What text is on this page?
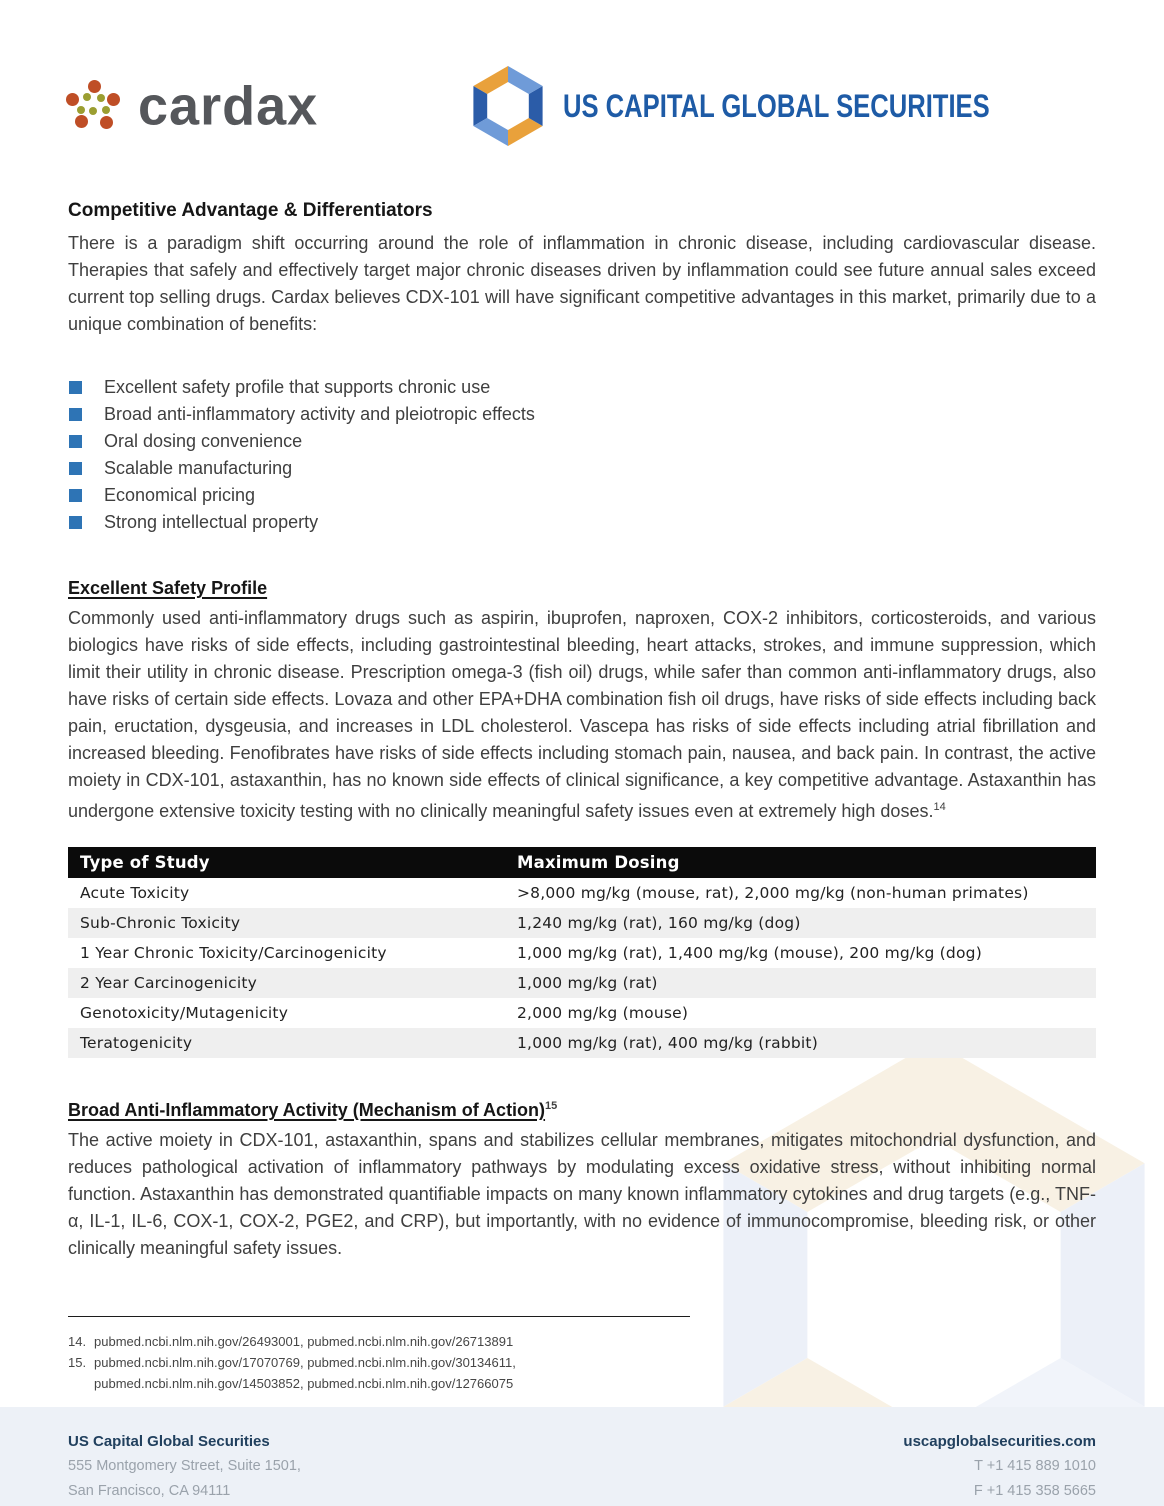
cardax	US CAPITAL GLOBAL SECURITIES
Competitive Advantage & Differentiators

There is a paradigm shift occurring around the role of inflammation in chronic disease, including cardiovascular disease. Therapies that safely and effectively target major chronic diseases driven by inflammation could see future annual sales exceed current top selling drugs. Cardax believes CDX-101 will have significant competitive advantages in this market, primarily due to a unique combination of benefits:

Excellent safety profile that supports chronic use
Broad anti-inflammatory activity and pleiotropic effects
Oral dosing convenience
Scalable manufacturing
Economical pricing
Strong intellectual property
Excellent Safety Profile

Commonly used anti-inflammatory drugs such as aspirin, ibuprofen, naproxen, COX-2 inhibitors, corticosteroids, and various biologics have risks of side effects, including gastrointestinal bleeding, heart attacks, strokes, and immune suppression, which limit their utility in chronic disease. Prescription omega-3 (fish oil) drugs, while safer than common anti-inflammatory drugs, also have risks of certain side effects. Lovaza and other EPA+DHA combination fish oil drugs, have risks of side effects including back pain, eructation, dysgeusia, and increases in LDL cholesterol. Vascepa has risks of side effects including atrial fibrillation and increased bleeding. Fenofibrates have risks of side effects including stomach pain, nausea, and back pain. In contrast, the active moiety in CDX-101, astaxanthin, has no known side effects of clinical significance, a key competitive advantage. Astaxanthin has undergone extensive toxicity testing with no clinically meaningful safety issues even at extremely high doses.$^{14}$

Type of Study	Maximum Dosing
Acute Toxicity	>8,000 mg/kg (mouse, rat), 2,000 mg/kg (non-human primates)
Sub-Chronic Toxicity	1,240 mg/kg (rat), 160 mg/kg (dog)
1 Year Chronic Toxicity/Carcinogenicity	1,000 mg/kg (rat), 1,400 mg/kg (mouse), 200 mg/kg (dog)
2 Year Carcinogenicity	1,000 mg/kg (rat)
Genotoxicity/Mutagenicity	2,000 mg/kg (mouse)
Teratogenicity	1,000 mg/kg (rat), 400 mg/kg (rabbit)
Broad Anti-Inflammatory Activity (Mechanism of Action)$^{15}$

The active moiety in CDX-101, astaxanthin, spans and stabilizes cellular membranes, mitigates mitochondrial dysfunction, and reduces pathological activation of inflammatory pathways by modulating excess oxidative stress, without inhibiting normal function. Astaxanthin has demonstrated quantifiable impacts on many known inflammatory cytokines and drug targets (e.g., TNF-α, IL-1, IL-6, COX-1, COX-2, PGE2, and CRP), but importantly, with no evidence of immunocompromise, bleeding risk, or other clinically meaningful safety issues.

14. pubmed.ncbi.nlm.nih.gov/26493001, pubmed.ncbi.nlm.nih.gov/26713891
15. pubmed.ncbi.nlm.nih.gov/17070769, pubmed.ncbi.nlm.nih.gov/30134611,
pubmed.ncbi.nlm.nih.gov/14503852, pubmed.ncbi.nlm.nih.gov/12766075
US Capital Global Securities
555 Montgomery Street, Suite 1501,
San Francisco, CA 94111
uscapglobalsecurities.com
T +1 415 889 1010
F +1 415 358 5665
